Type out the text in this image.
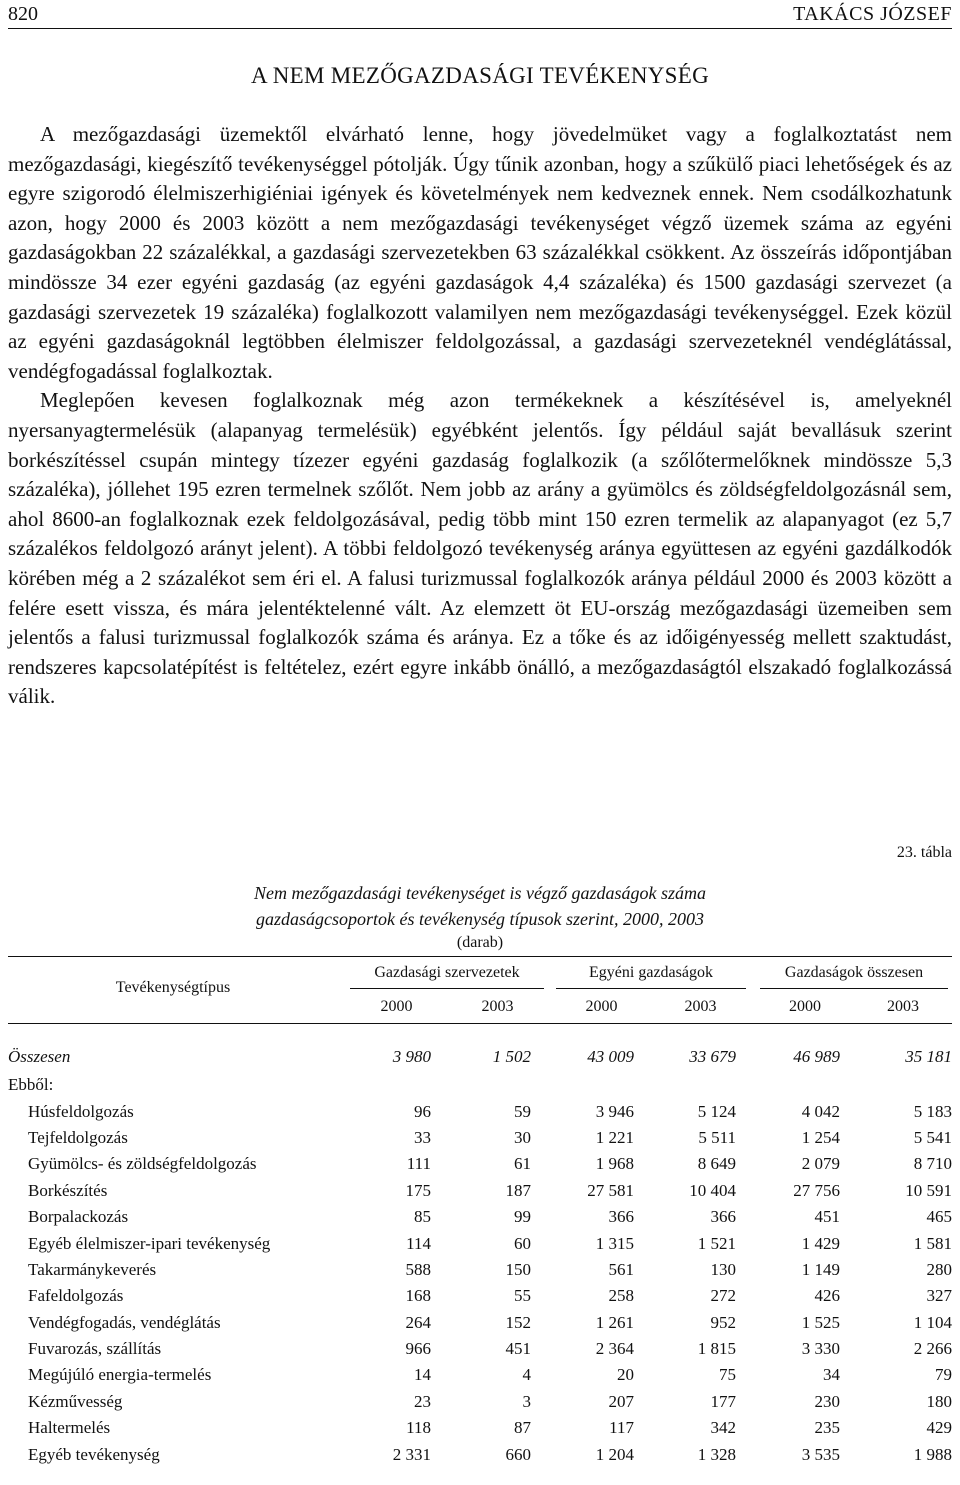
820	TAKÁCS JÓZSEF
A NEM MEZŐGAZDASÁGI TEVÉKENYSÉG

A mezőgazdasági üzemektől elvárható lenne, hogy jövedelmüket vagy a foglalkoztatást nem mezőgazdasági, kiegészítő tevékenységgel pótolják. Úgy tűnik azonban, hogy a szűkülő piaci lehetőségek és az egyre szigorodó élelmiszerhigiéniai igények és követelmények nem kedveznek ennek. Nem csodálkozhatunk azon, hogy 2000 és 2003 között a nem mezőgazdasági tevékenységet végző üzemek száma az egyéni gazdaságokban 22 százalékkal, a gazdasági szervezetekben 63 százalékkal csökkent. Az összeírás időpontjában mindössze 34 ezer egyéni gazdaság (az egyéni gazdaságok 4,4 százaléka) és 1500 gazdasági szervezet (a gazdasági szervezetek 19 százaléka) foglalkozott valamilyen nem mezőgazdasági tevékenységgel. Ezek közül az egyéni gazdaságoknál legtöbben élelmiszer feldolgozással, a gazdasági szervezeteknél vendéglátással, vendégfogadással foglalkoztak.

Meglepően kevesen foglalkoznak még azon termékeknek a készítésével is, amelyeknél nyersanyagtermelésük (alapanyag termelésük) egyébként jelentős. Így például saját bevallásuk szerint borkészítéssel csupán mintegy tízezer egyéni gazdaság foglalkozik (a szőlőtermelőknek mindössze 5,3 százaléka), jóllehet 195 ezren termelnek szőlőt. Nem jobb az arány a gyümölcs és zöldségfeldolgozásnál sem, ahol 8600-an foglalkoznak ezek feldolgozásával, pedig több mint 150 ezren termelik az alapanyagot (ez 5,7 százalékos feldolgozó arányt jelent). A többi feldolgozó tevékenység aránya együttesen az egyéni gazdálkodók körében még a 2 százalékot sem éri el. A falusi turizmussal foglalkozók aránya például 2000 és 2003 között a felére esett vissza, és mára jelentéktelenné vált. Az elemzett öt EU-ország mezőgazdasági üzemeiben sem jelentős a falusi turizmussal foglalkozók száma és aránya. Ez a tőke és az időigényesség mellett szaktudást, rendszeres kapcsolatépítést is feltételez, ezért egyre inkább önálló, a mezőgazdaságtól elszakadó foglalkozássá válik.

23. tábla
Nem mezőgazdasági tevékenységet is végző gazdaságok száma
gazdaságcsoportok és tevékenység típusok szerint, 2000, 2003
(darab)
Tevékenységtípus
Gazdasági szervezetek	Egyéni gazdaságok	Gazdaságok összesen
2000	2003	2000	2003	2000	2003
Összesen	3 980	1 502	43 009	33 679	46 989	35 181
Ebből:						
Húsfeldolgozás	96	59	3 946	5 124	4 042	5 183
Tejfeldolgozás	33	30	1 221	5 511	1 254	5 541
Gyümölcs- és zöldségfeldolgozás	111	61	1 968	8 649	2 079	8 710
Borkészítés	175	187	27 581	10 404	27 756	10 591
Borpalackozás	85	99	366	366	451	465
Egyéb élelmiszer-ipari tevékenység	114	60	1 315	1 521	1 429	1 581
Takarmánykeverés	588	150	561	130	1 149	280
Fafeldolgozás	168	55	258	272	426	327
Vendégfogadás, vendéglátás	264	152	1 261	952	1 525	1 104
Fuvarozás, szállítás	966	451	2 364	1 815	3 330	2 266
Megújúló energia-termelés	14	4	20	75	34	79
Kézművesség	23	3	207	177	230	180
Haltermelés	118	87	117	342	235	429
Egyéb tevékenység	2 331	660	1 204	1 328	3 535	1 988
